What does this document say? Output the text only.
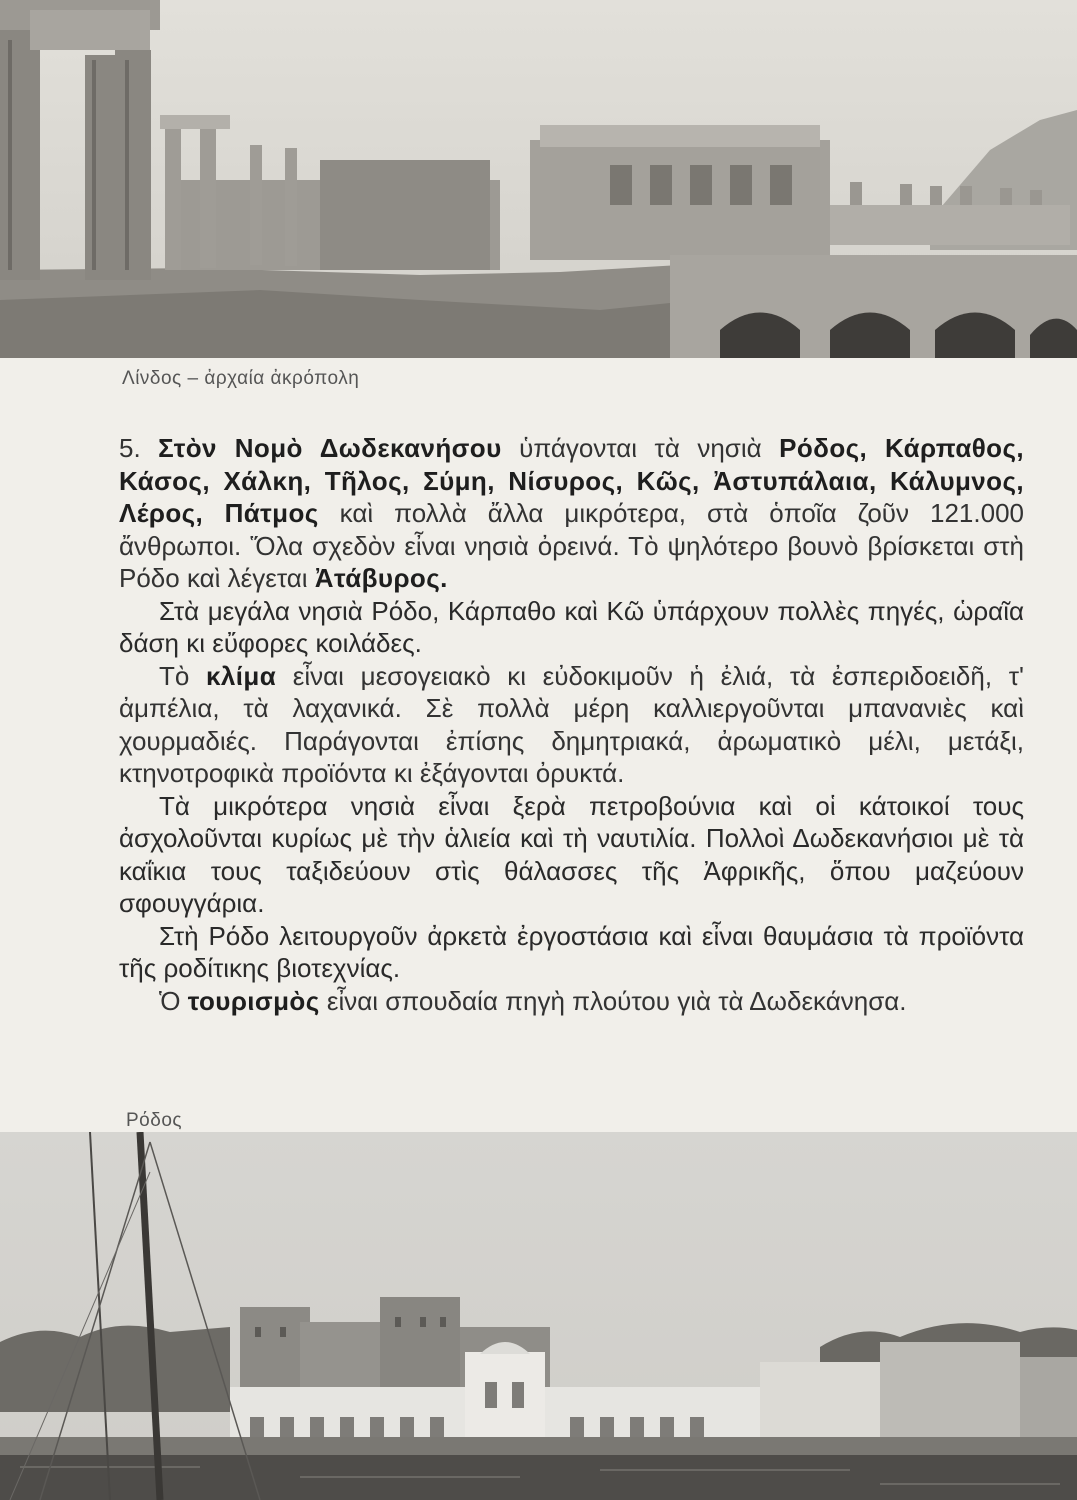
Λίνδος – ἀρχαία ἀκρόπολη

5. Στὸν Νομὸ Δωδεκανήσου ὑπάγονται τὰ νησιὰ Ρόδος, Κάρπαθος, Κάσος, Χάλκη, Τῆλος, Σύμη, Νίσυρος, Κῶς, Ἀστυπάλαια, Κάλυμνος, Λέρος, Πάτμος καὶ πολλὰ ἄλλα μικρότερα, στὰ ὁποῖα ζοῦν 121.000 ἄνθρωποι. Ὅλα σχεδὸν εἶναι νησιὰ ὀρεινά. Τὸ ψηλότερο βουνὸ βρίσκεται στὴ Ρόδο καὶ λέγεται Ἀτάβυρος.

Στὰ μεγάλα νησιὰ Ρόδο, Κάρπαθο καὶ Κῶ ὑπάρχουν πολλὲς πηγές, ὡραῖα δάση κι εὔφορες κοιλάδες.

Τὸ κλίμα εἶναι μεσογειακὸ κι εὐδοκιμοῦν ἡ ἐλιά, τὰ ἐσπεριδοειδῆ, τ' ἀμπέλια, τὰ λαχανικά. Σὲ πολλὰ μέρη καλλιεργοῦνται μπανανιὲς καὶ χουρμαδιές. Παράγονται ἐπίσης δημητριακά, ἀρωματικὸ μέλι, μετάξι, κτηνοτροφικὰ προϊόντα κι ἐξάγονται ὀρυκτά.

Τὰ μικρότερα νησιὰ εἶναι ξερὰ πετροβούνια καὶ οἱ κάτοικοί τους ἀσχολοῦνται κυρίως μὲ τὴν ἁλιεία καὶ τὴ ναυτιλία. Πολλοὶ Δωδεκανήσιοι μὲ τὰ καΐκια τους ταξιδεύουν στὶς θάλασσες τῆς Ἀφρικῆς, ὅπου μαζεύουν σφουγγάρια.

Στὴ Ρόδο λειτουργοῦν ἀρκετὰ ἐργοστάσια καὶ εἶναι θαυμάσια τὰ προϊόντα τῆς ροδίτικης βιοτεχνίας.

Ὁ τουρισμὸς εἶναι σπουδαία πηγὴ πλούτου γιὰ τὰ Δωδεκάνησα.

Ρόδος
